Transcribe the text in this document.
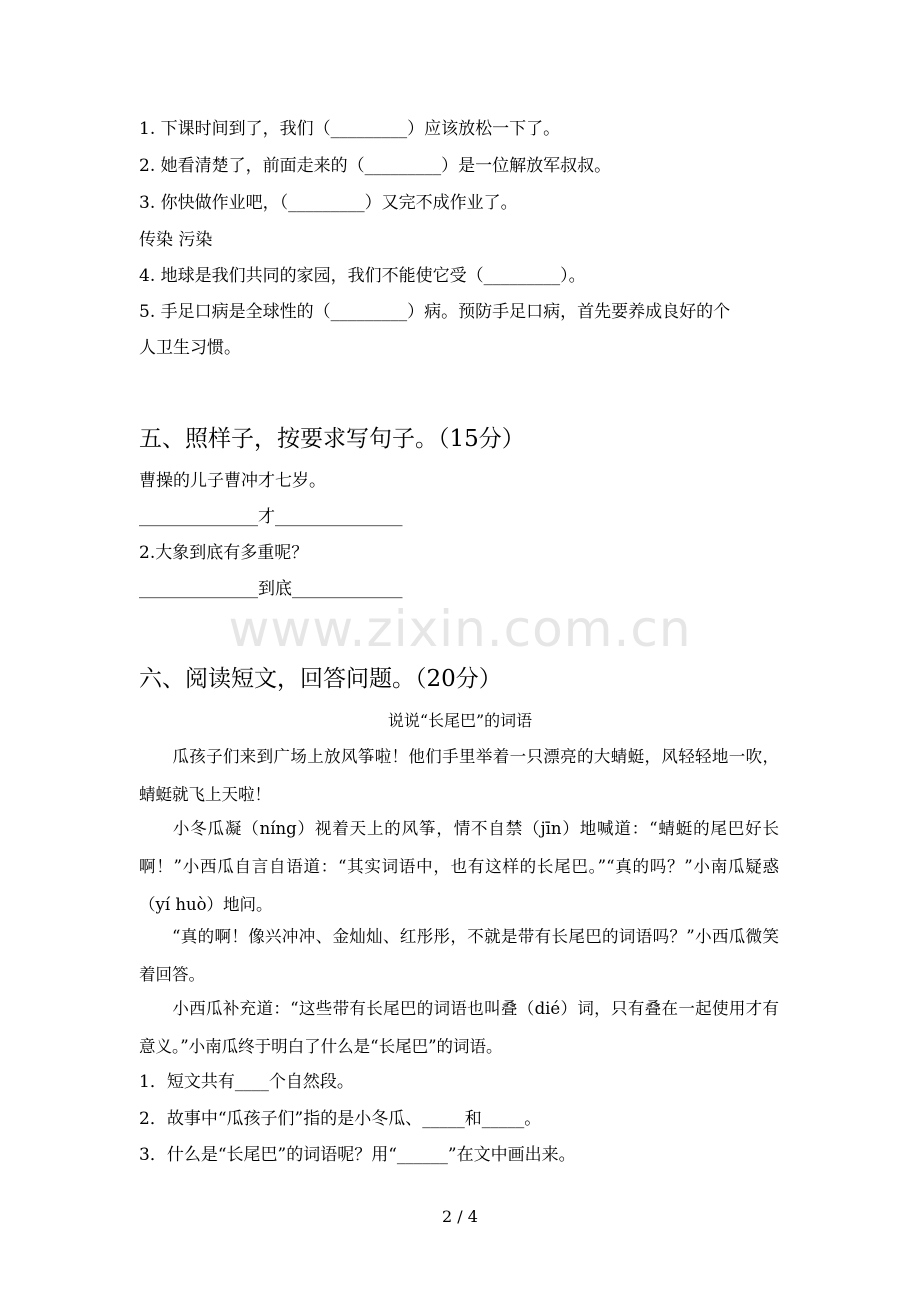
1. 下课时间到了，我们（_________）应该放松一下了。
2. 她看清楚了，前面走来的（_________）是一位解放军叔叔。
3. 你快做作业吧，（_________）又完不成作业了。
传染 污染
4. 地球是我们共同的家园，我们不能使它受（_________）。
5. 手足口病是全球性的（_________）病。预防手足口病，首先要养成良好的个
人卫生习惯。
五、照样子，按要求写句子。（15分）
曹操的儿子曹冲才七岁。
______________才_______________
2.大象到底有多重呢？
______________到底_____________
www.zixin.com.cn
六、阅读短文，回答问题。（20分）
说说“长尾巴”的词语
瓜孩子们来到广场上放风筝啦！他们手里举着一只漂亮的大蜻蜓，风轻轻地一吹，蜻蜓就飞上天啦！
小冬瓜凝（níng）视着天上的风筝，情不自禁（jīn）地喊道：“蜻蜓的尾巴好长啊！”小西瓜自言自语道：“其实词语中，也有这样的长尾巴。”“真的吗？”小南瓜疑惑（yí huò）地问。
“真的啊！像兴冲冲、金灿灿、红彤彤，不就是带有长尾巴的词语吗？”小西瓜微笑着回答。
小西瓜补充道：“这些带有长尾巴的词语也叫叠（dié）词，只有叠在一起使用才有意义。”小南瓜终于明白了什么是“长尾巴”的词语。
1．短文共有____个自然段。
2．故事中“瓜孩子们”指的是小冬瓜、_____和_____。
3．什么是“长尾巴”的词语呢？用“______”在文中画出来。
2 / 4
